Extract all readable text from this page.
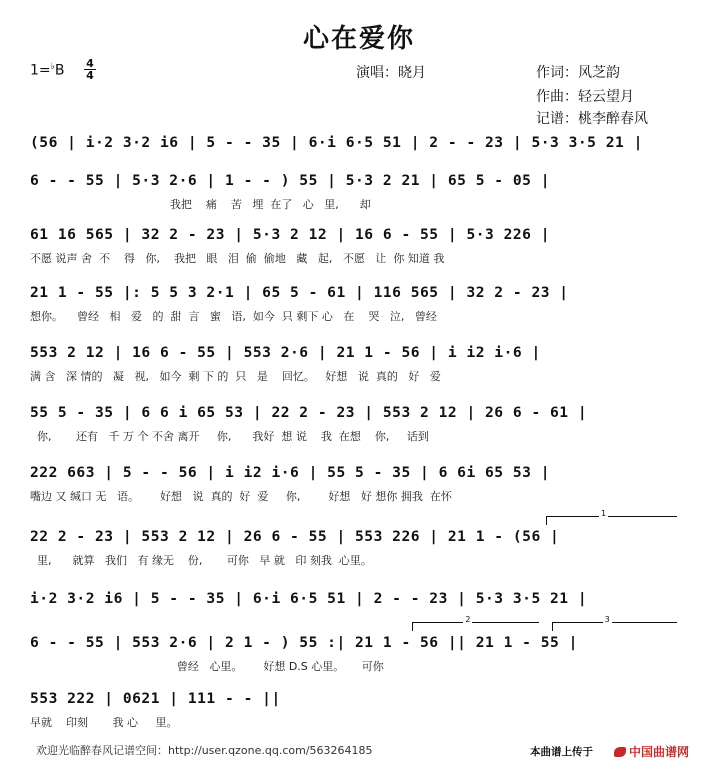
心在爱你
$1=^♭B \frac{4}{4}$	演唱：晓月	作词：风芝韵
作曲：轻云望月
记谱：桃李醉春风
(56 | i·2 3·2 i6 | 5 - - 35 | 6·i 6·5 51 | 2 - - 23 | 5·3 3·5 21 |
6 - - 55 | 5·3 2·6 | 1 - - ) 55 | 5·3 2 21 | 65 5 - 05 |
我把    痛    苦   埋  在了   心   里,      却
61 16 565 | 32 2 - 23 | 5·3 2 12 | 16 6 - 55 | 5·3 226 |
不愿 说声 舍  不    得   你,    我把   眼   泪  偷  偷地   藏   起,   不愿   让  你 知道 我
21 1 - 55 |: 5 5 3 2·1 | 65 5 - 61 | 116 565 | 32 2 - 23 |
想你。    曾经   相   爱   的  甜  言   蜜   语,  如今  只 剩下 心   在    哭   泣,   曾经
553 2 12 | 16 6 - 55 | 553 2·6 | 21 1 - 56 | i i2 i·6 |
满 含   深 情的   凝   视,   如今  剩 下 的  只   是    回忆。   好想   说  真的   好   爱
55 5 - 35 | 6 6 i 65 53 | 22 2 - 23 | 553 2 12 | 26 6 - 61 |
你,       还有   千 万 个 不舍 离开     你,      我好  想 说    我  在想    你,     话到
222 663 | 5 - - 56 | i i2 i·6 | 55 5 - 35 | 6 6i 65 53 |
嘴边 又 缄口 无   语。      好想   说  真的  好  爱     你,        好想   好 想你 拥我  在怀
1
22 2 - 23 | 553 2 12 | 26 6 - 55 | 553 226 | 21 1 - (56 |
里,      就算   我们   有 缘无    份,       可你   早 就   印 刻我  心里。
i·2 3·2 i6 | 5 - - 35 | 6·i 6·5 51 | 2 - - 23 | 5·3 3·5 21 |
2	3
6 - - 55 | 553 2·6 | 2 1 - ) 55 :| 21 1 - 56 || 21 1 - 55 |
曾经   心里。      好想 D.S 心里。     可你
553 222 | 0621 | 111 - - ||
早就    印刻       我 心     里。
欢迎光临醉春风记谱空间：http://user.qzone.qq.com/563264185	本曲谱上传于	中国曲谱网
